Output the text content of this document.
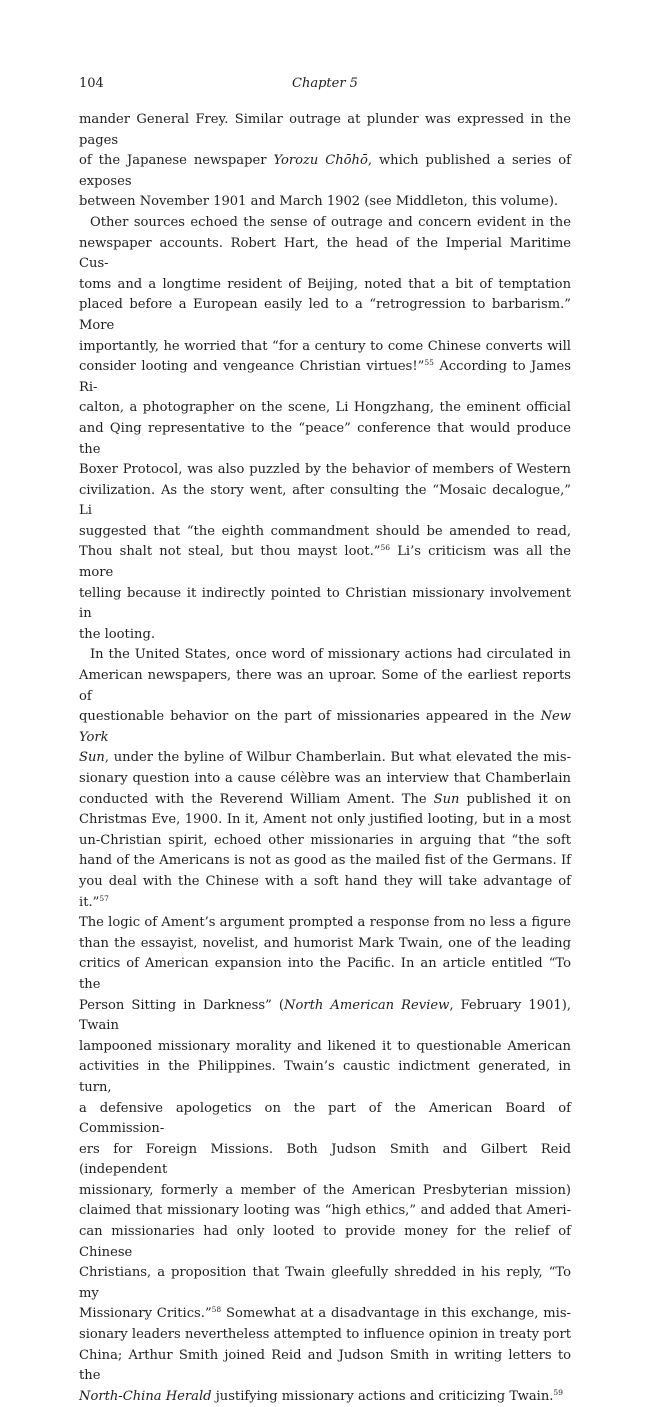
104	Chapter 5
mander General Frey. Similar outrage at plunder was expressed in the pages
of the Japanese newspaper Yorozu Chōhō, which published a series of exposes
between November 1901 and March 1902 (see Middleton, this volume).
Other sources echoed the sense of outrage and concern evident in the
newspaper accounts. Robert Hart, the head of the Imperial Maritime Cus-
toms and a longtime resident of Beijing, noted that a bit of temptation
placed before a European easily led to a “retrogression to barbarism.” More
importantly, he worried that “for a century to come Chinese converts will
consider looting and vengeance Christian virtues!”$^{55}$ According to James Ri-
calton, a photographer on the scene, Li Hongzhang, the eminent official
and Qing representative to the “peace” conference that would produce the
Boxer Protocol, was also puzzled by the behavior of members of Western
civilization. As the story went, after consulting the “Mosaic decalogue,” Li
suggested that “the eighth commandment should be amended to read,
Thou shalt not steal, but thou mayst loot.”$^{56}$ Li’s criticism was all the more
telling because it indirectly pointed to Christian missionary involvement in
the looting.
In the United States, once word of missionary actions had circulated in
American newspapers, there was an uproar. Some of the earliest reports of
questionable behavior on the part of missionaries appeared in the New York
Sun, under the byline of Wilbur Chamberlain. But what elevated the mis-
sionary question into a cause célèbre was an interview that Chamberlain
conducted with the Reverend William Ament. The Sun published it on
Christmas Eve, 1900. In it, Ament not only justified looting, but in a most
un-Christian spirit, echoed other missionaries in arguing that “the soft
hand of the Americans is not as good as the mailed fist of the Germans. If
you deal with the Chinese with a soft hand they will take advantage of it.”$^{57}$
The logic of Ament’s argument prompted a response from no less a figure
than the essayist, novelist, and humorist Mark Twain, one of the leading
critics of American expansion into the Pacific. In an article entitled “To the
Person Sitting in Darkness” (North American Review, February 1901), Twain
lampooned missionary morality and likened it to questionable American
activities in the Philippines. Twain’s caustic indictment generated, in turn,
a defensive apologetics on the part of the American Board of Commission-
ers for Foreign Missions. Both Judson Smith and Gilbert Reid (independent
missionary, formerly a member of the American Presbyterian mission)
claimed that missionary looting was “high ethics,” and added that Ameri-
can missionaries had only looted to provide money for the relief of Chinese
Christians, a proposition that Twain gleefully shredded in his reply, “To my
Missionary Critics.”$^{58}$ Somewhat at a disadvantage in this exchange, mis-
sionary leaders nevertheless attempted to influence opinion in treaty port
China; Arthur Smith joined Reid and Judson Smith in writing letters to the
North-China Herald justifying missionary actions and criticizing Twain.$^{59}$
